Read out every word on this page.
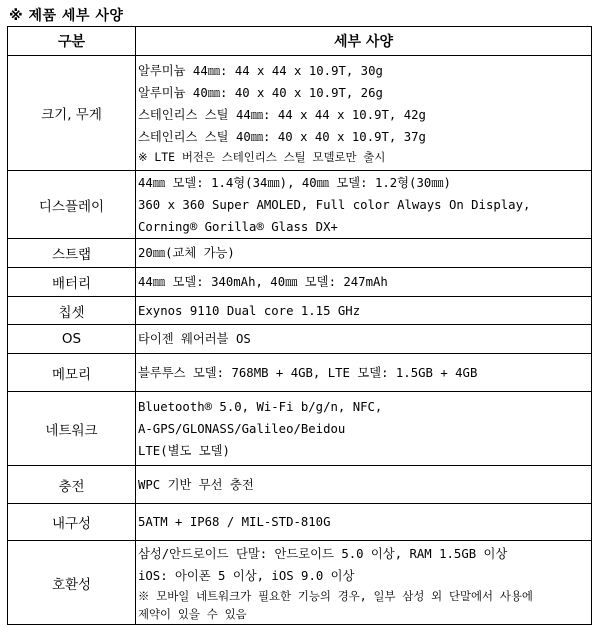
※ 제품 세부 사양
구분	세부 사양
크기, 무게	알루미늄 44㎜: 44 x 44 x 10.9T, 30g
알루미늄 40㎜: 40 x 40 x 10.9T, 26g
스테인리스 스틸 44㎜: 44 x 44 x 10.9T, 42g
스테인리스 스틸 40㎜: 40 x 40 x 10.9T, 37g
※ LTE 버전은 스테인리스 스틸 모델로만 출시

디스플레이	44㎜ 모델: 1.4형(34㎜), 40㎜ 모델: 1.2형(30㎜)
360 x 360 Super AMOLED, Full color Always On Display,
Corning® Gorilla® Glass DX+

스트랩	20㎜(교체 가능)

배터리	44㎜ 모델: 340mAh, 40㎜ 모델: 247mAh

칩셋	Exynos 9110 Dual core 1.15 GHz

OS	타이젠 웨어러블 OS

메모리	블루투스 모델: 768MB + 4GB, LTE 모델: 1.5GB + 4GB

네트워크	Bluetooth® 5.0, Wi-Fi b/g/n, NFC,
A-GPS/GLONASS/Galileo/Beidou
LTE(별도 모델)

충전	WPC 기반 무선 충전

내구성	5ATM + IP68 / MIL-STD-810G

호환성	삼성/안드로이드 단말: 안드로이드 5.0 이상, RAM 1.5GB 이상
iOS: 아이폰 5 이상, iOS 9.0 이상
※ 모바일 네트워크가 필요한 기능의 경우, 일부 삼성 외 단말에서 사용에
제약이 있을 수 있음
